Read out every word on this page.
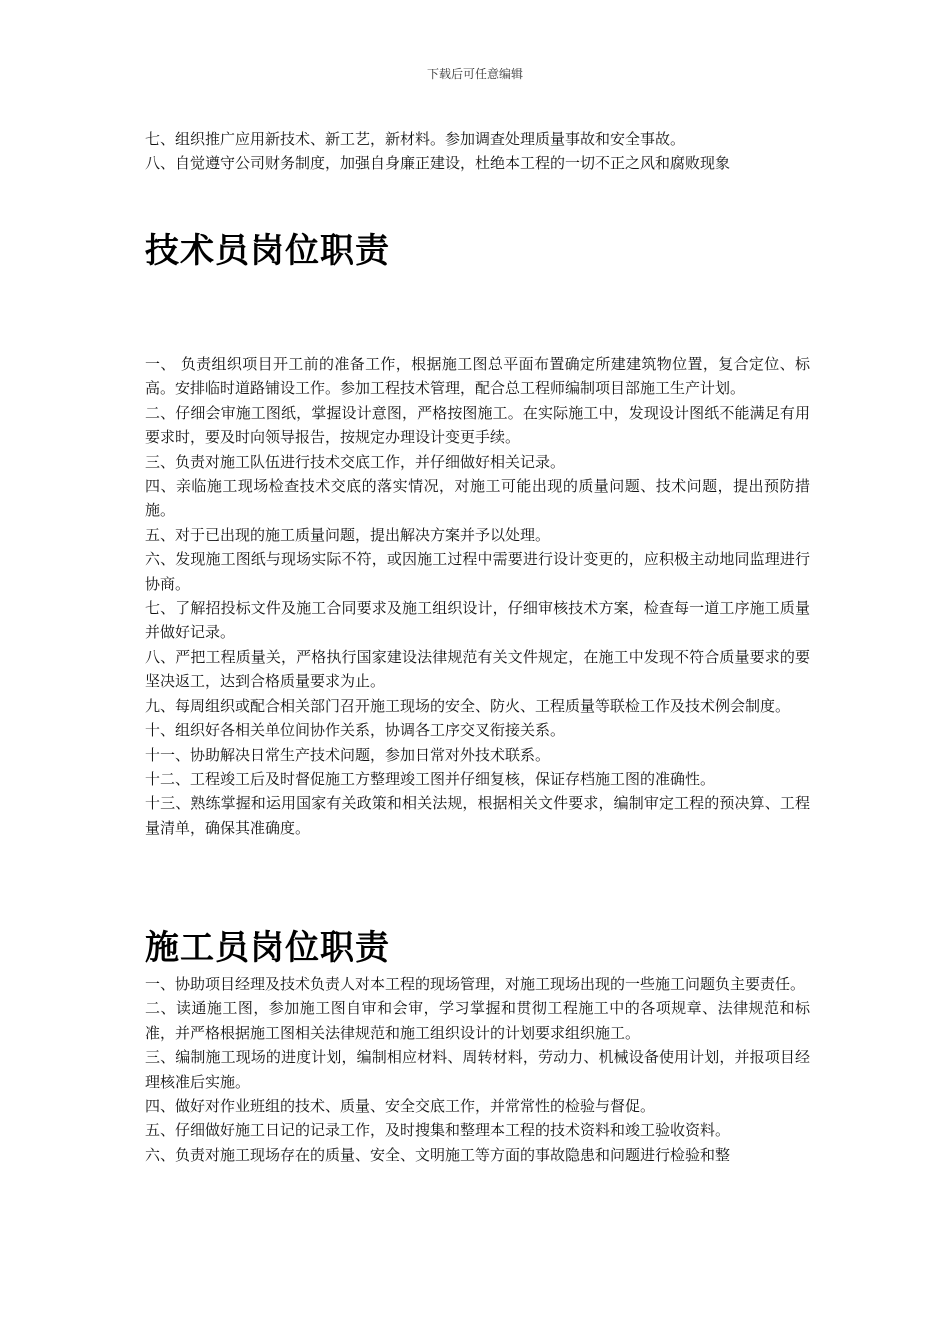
下载后可任意编辑

七、组织推广应用新技术、新工艺，新材料。参加调查处理质量事故和安全事故。

八、自觉遵守公司财务制度，加强自身廉正建设，杜绝本工程的一切不正之风和腐败现象

技术员岗位职责

一、 负责组织项目开工前的准备工作，根据施工图总平面布置确定所建建筑物位置，复合定位、标高。安排临时道路铺设工作。参加工程技术管理，配合总工程师编制项目部施工生产计划。

二、仔细会审施工图纸，掌握设计意图，严格按图施工。在实际施工中，发现设计图纸不能满足有用要求时，要及时向领导报告，按规定办理设计变更手续。

三、负责对施工队伍进行技术交底工作，并仔细做好相关记录。

四、亲临施工现场检查技术交底的落实情况，对施工可能出现的质量问题、技术问题，提出预防措施。

五、对于已出现的施工质量问题，提出解决方案并予以处理。

六、发现施工图纸与现场实际不符，或因施工过程中需要进行设计变更的，应积极主动地同监理进行协商。

七、了解招投标文件及施工合同要求及施工组织设计，仔细审核技术方案，检查每一道工序施工质量并做好记录。

八、严把工程质量关，严格执行国家建设法律规范有关文件规定，在施工中发现不符合质量要求的要坚决返工，达到合格质量要求为止。

九、每周组织或配合相关部门召开施工现场的安全、防火、工程质量等联检工作及技术例会制度。

十、组织好各相关单位间协作关系，协调各工序交叉衔接关系。

十一、协助解决日常生产技术问题，参加日常对外技术联系。

十二、工程竣工后及时督促施工方整理竣工图并仔细复核，保证存档施工图的准确性。

十三、熟练掌握和运用国家有关政策和相关法规，根据相关文件要求，编制审定工程的预决算、工程量清单，确保其准确度。

施工员岗位职责

一、协助项目经理及技术负责人对本工程的现场管理，对施工现场出现的一些施工问题负主要责任。

二、读通施工图，参加施工图自审和会审，学习掌握和贯彻工程施工中的各项规章、法律规范和标准，并严格根据施工图相关法律规范和施工组织设计的计划要求组织施工。

三、编制施工现场的进度计划，编制相应材料、周转材料，劳动力、机械设备使用计划，并报项目经理核准后实施。

四、做好对作业班组的技术、质量、安全交底工作，并常常性的检验与督促。

五、仔细做好施工日记的记录工作，及时搜集和整理本工程的技术资料和竣工验收资料。

六、负责对施工现场存在的质量、安全、文明施工等方面的事故隐患和问题进行检验和整
